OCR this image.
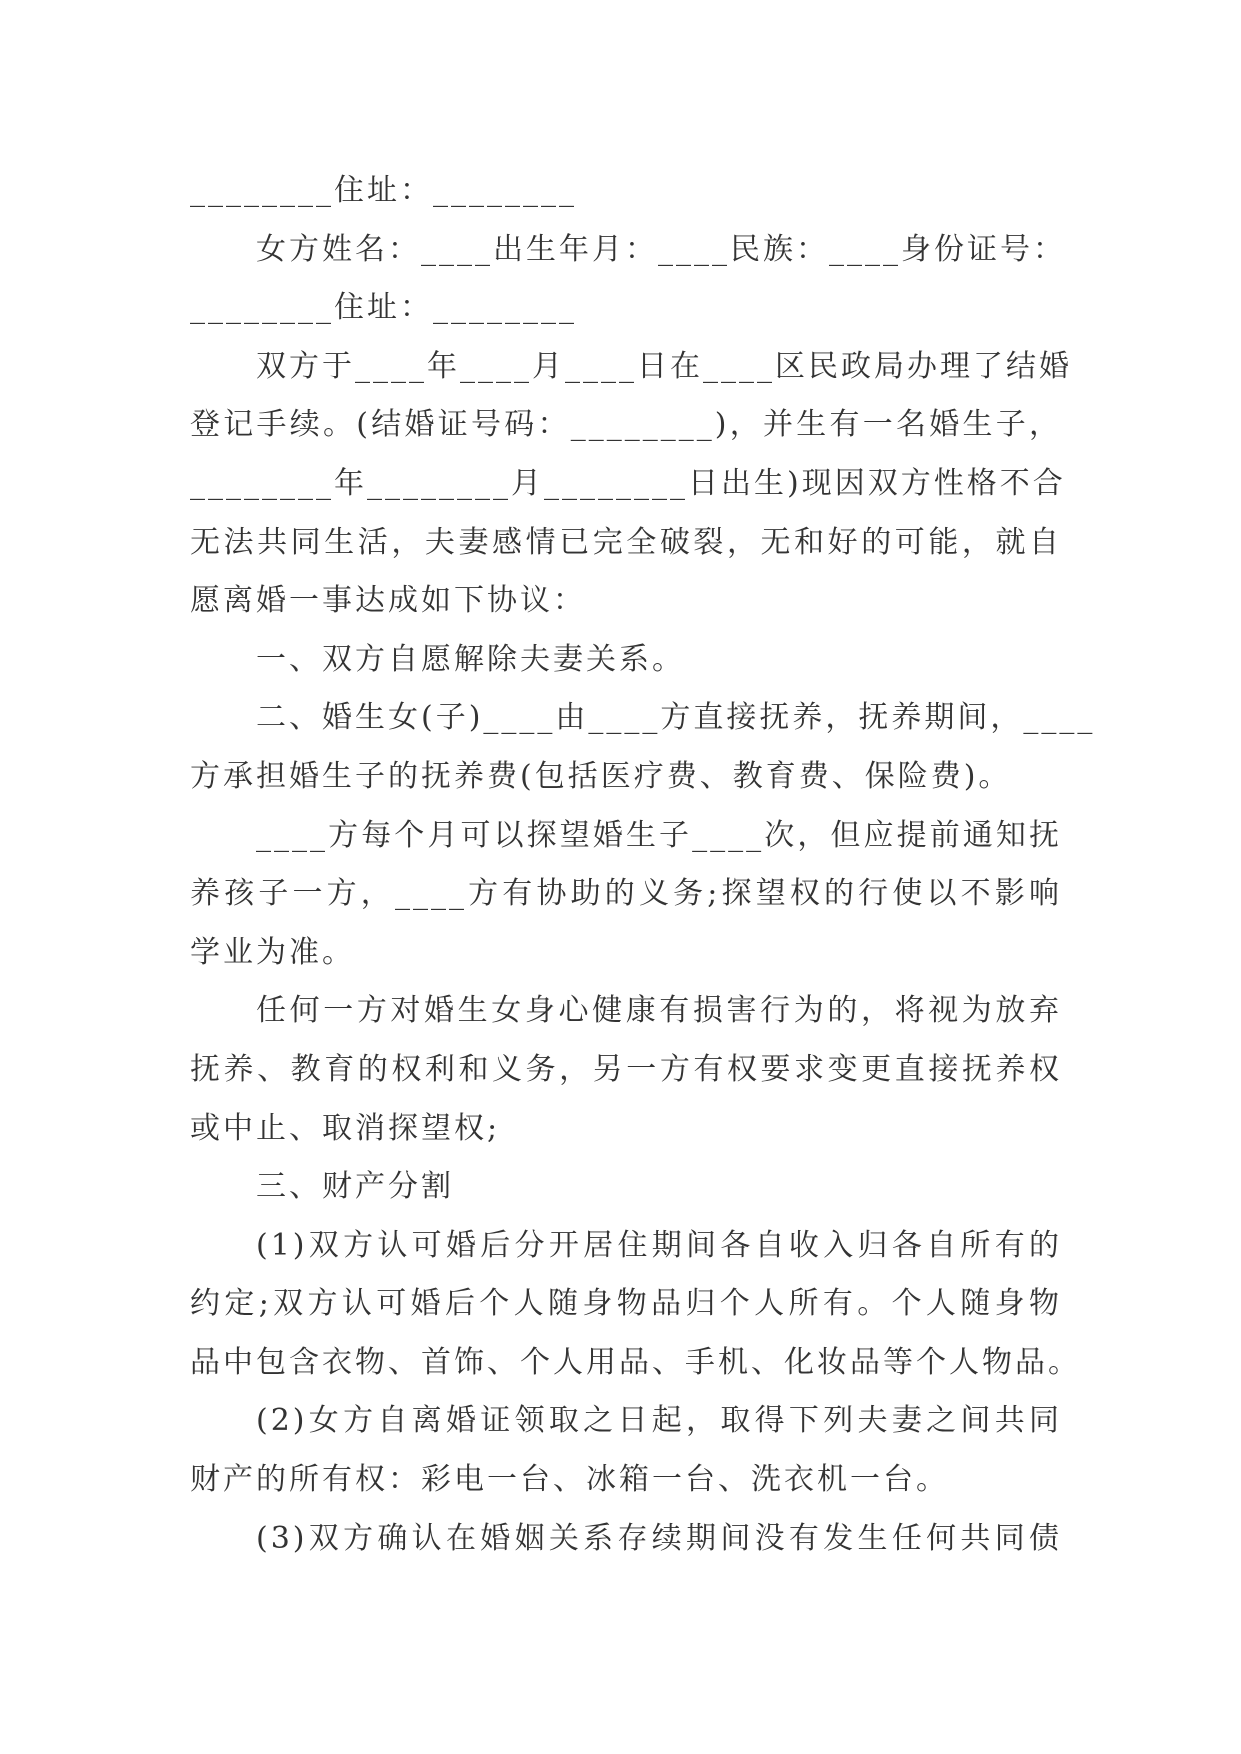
________住址：________
女方姓名：____出生年月：____民族：____身份证号：
________住址：________
双方于____年____月____日在____区民政局办理了结婚
登记手续。(结婚证号码：________)，并生有一名婚生子，
________年________月________日出生)现因双方性格不合
无法共同生活，夫妻感情已完全破裂，无和好的可能，就自
愿离婚一事达成如下协议：
一、双方自愿解除夫妻关系。
二、婚生女(子)____由____方直接抚养，抚养期间，____
方承担婚生子的抚养费(包括医疗费、教育费、保险费)。
____方每个月可以探望婚生子____次，但应提前通知抚
养孩子一方，____方有协助的义务;探望权的行使以不影响
学业为准。
任何一方对婚生女身心健康有损害行为的，将视为放弃
抚养、教育的权利和义务，另一方有权要求变更直接抚养权
或中止、取消探望权;
三、财产分割
(1)双方认可婚后分开居住期间各自收入归各自所有的
约定;双方认可婚后个人随身物品归个人所有。个人随身物
品中包含衣物、首饰、个人用品、手机、化妆品等个人物品。
(2)女方自离婚证领取之日起，取得下列夫妻之间共同
财产的所有权：彩电一台、冰箱一台、洗衣机一台。
(3)双方确认在婚姻关系存续期间没有发生任何共同债
